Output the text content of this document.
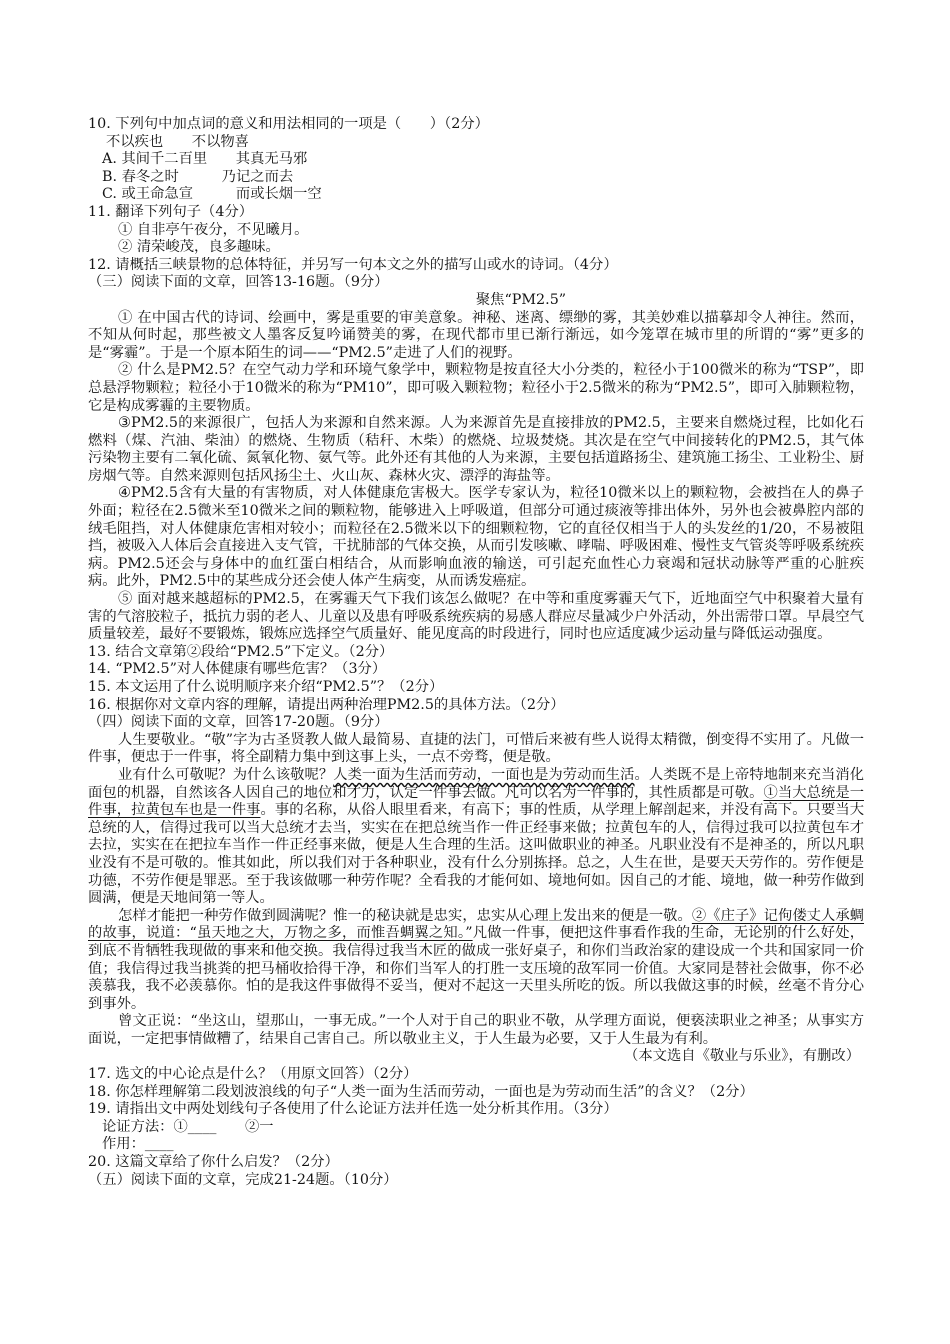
10. 下列句中加点词的意义和用法相同的一项是（　　）（2分）
不以疾也　　不以物喜
A. 其间千二百里　　其真无马邪
B. 春冬之时　　　乃记之而去
C. 或王命急宣　　　而或长烟一空
11. 翻译下列句子（4分）
① 自非亭午夜分，不见曦月。
② 清荣峻茂，良多趣味。
12. 请概括三峡景物的总体特征，并另写一句本文之外的描写山或水的诗词。（4分）
（三）阅读下面的文章，回答13-16题。（9分）
聚焦“PM2.5”

① 在中国古代的诗词、绘画中，雾是重要的审美意象。神秘、迷离、缥缈的雾，其美妙难以描摹却令人神往。然而，不知从何时起，那些被文人墨客反复吟诵赞美的雾，在现代都市里已渐行渐远，如今笼罩在城市里的所谓的“雾”更多的是“雾霾”。于是一个原本陌生的词——“PM2.5”走进了人们的视野。

② 什么是PM2.5？在空气动力学和环境气象学中，颗粒物是按直径大小分类的，粒径小于100微米的称为“TSP”，即总悬浮物颗粒；粒径小于10微米的称为“PM10”，即可吸入颗粒物；粒径小于2.5微米的称为“PM2.5”，即可入肺颗粒物，它是构成雾霾的主要物质。

③PM2.5的来源很广，包括人为来源和自然来源。人为来源首先是直接排放的PM2.5，主要来自燃烧过程，比如化石燃料（煤、汽油、柴油）的燃烧、生物质（秸秆、木柴）的燃烧、垃圾焚烧。其次是在空气中间接转化的PM2.5，其气体污染物主要有二氧化硫、氮氧化物、氨气等。此外还有其他的人为来源，主要包括道路扬尘、建筑施工扬尘、工业粉尘、厨房烟气等。自然来源则包括风扬尘土、火山灰、森林火灾、漂浮的海盐等。

④PM2.5含有大量的有害物质，对人体健康危害极大。医学专家认为，粒径10微米以上的颗粒物，会被挡在人的鼻子外面；粒径在2.5微米至10微米之间的颗粒物，能够进入上呼吸道，但部分可通过痰液等排出体外，另外也会被鼻腔内部的绒毛阻挡，对人体健康危害相对较小；而粒径在2.5微米以下的细颗粒物，它的直径仅相当于人的头发丝的1/20，不易被阻挡，被吸入人体后会直接进入支气管，干扰肺部的气体交换，从而引发咳嗽、哮喘、呼吸困难、慢性支气管炎等呼吸系统疾病。PM2.5还会与身体中的血红蛋白相结合，从而影响血液的输送，可引起充血性心力衰竭和冠状动脉等严重的心脏疾病。此外，PM2.5中的某些成分还会使人体产生病变，从而诱发癌症。

⑤ 面对越来越超标的PM2.5，在雾霾天气下我们该怎么做呢？在中等和重度雾霾天气下，近地面空气中积聚着大量有害的气溶胶粒子，抵抗力弱的老人、儿童以及患有呼吸系统疾病的易感人群应尽量减少户外活动，外出需带口罩。早晨空气质量较差，最好不要锻炼，锻炼应选择空气质量好、能见度高的时段进行，同时也应适度减少运动量与降低运动强度。

13. 结合文章第②段给“PM2.5”下定义。（2分）
14. “PM2.5”对人体健康有哪些危害？（3分）
15. 本文运用了什么说明顺序来介绍“PM2.5”？（2分）
16. 根据你对文章内容的理解，请提出两种治理PM2.5的具体方法。（2分）
（四）阅读下面的文章，回答17-20题。（9分）

人生要敬业。“敬”字为古圣贤教人做人最简易、直捷的法门，可惜后来被有些人说得太精微，倒变得不实用了。凡做一件事，便忠于一件事，将全副精力集中到这事上头，一点不旁骛，便是敬。

业有什么可敬呢？为什么该敬呢？人类一面为生活而劳动，一面也是为劳动而生活。人类既不是上帝特地制来充当消化面包的机器，自然该各人因自己的地位和才力，认定一件事去做。凡可以名为一件事的，其性质都是可敬。①当大总统是一件事，拉黄包车也是一件事。事的名称，从俗人眼里看来，有高下；事的性质，从学理上解剖起来，并没有高下。只要当大总统的人，信得过我可以当大总统才去当，实实在在把总统当作一件正经事来做；拉黄包车的人，信得过我可以拉黄包车才去拉，实实在在把拉车当作一件正经事来做，便是人生合理的生活。这叫做职业的神圣。凡职业没有不是神圣的，所以凡职业没有不是可敬的。惟其如此，所以我们对于各种职业，没有什么分别拣择。总之，人生在世，是要天天劳作的。劳作便是功德，不劳作便是罪恶。至于我该做哪一种劳作呢？全看我的才能何如、境地何如。因自己的才能、境地，做一种劳作做到圆满，便是天地间第一等人。

怎样才能把一种劳作做到圆满呢？惟一的秘诀就是忠实，忠实从心理上发出来的便是一敬。②《庄子》记佝偻丈人承蜩的故事，说道：“虽天地之大，万物之多，而惟吾蜩翼之知。”凡做一件事，便把这件事看作我的生命，无论别的什么好处，到底不肯牺牲我现做的事来和他交换。我信得过我当木匠的做成一张好桌子，和你们当政治家的建设成一个共和国家同一价值；我信得过我当挑粪的把马桶收拾得干净，和你们当军人的打胜一支压境的敌军同一价值。大家同是替社会做事，你不必羡慕我，我不必羡慕你。怕的是我这件事做得不妥当，便对不起这一天里头所吃的饭。所以我做这事的时候，丝毫不肯分心到事外。

曾文正说：“坐这山，望那山，一事无成。”一个人对于自己的职业不敬，从学理方面说，便亵渎职业之神圣；从事实方面说，一定把事情做糟了，结果自己害自己。所以敬业主义，于人生最为必要，又于人生最为有利。

（本文选自《敬业与乐业》，有删改）
17. 选文的中心论点是什么？（用原文回答）（2分）
18. 你怎样理解第二段划波浪线的句子“人类一面为生活而劳动，一面也是为劳动而生活”的含义？（2分）
19. 请指出文中两处划线句子各使用了什么论证方法并任选一处分析其作用。（3分）
论证方法：①____　　②一
作用：____
20. 这篇文章给了你什么启发？（2分）
（五）阅读下面的文章，完成21-24题。（10分）
